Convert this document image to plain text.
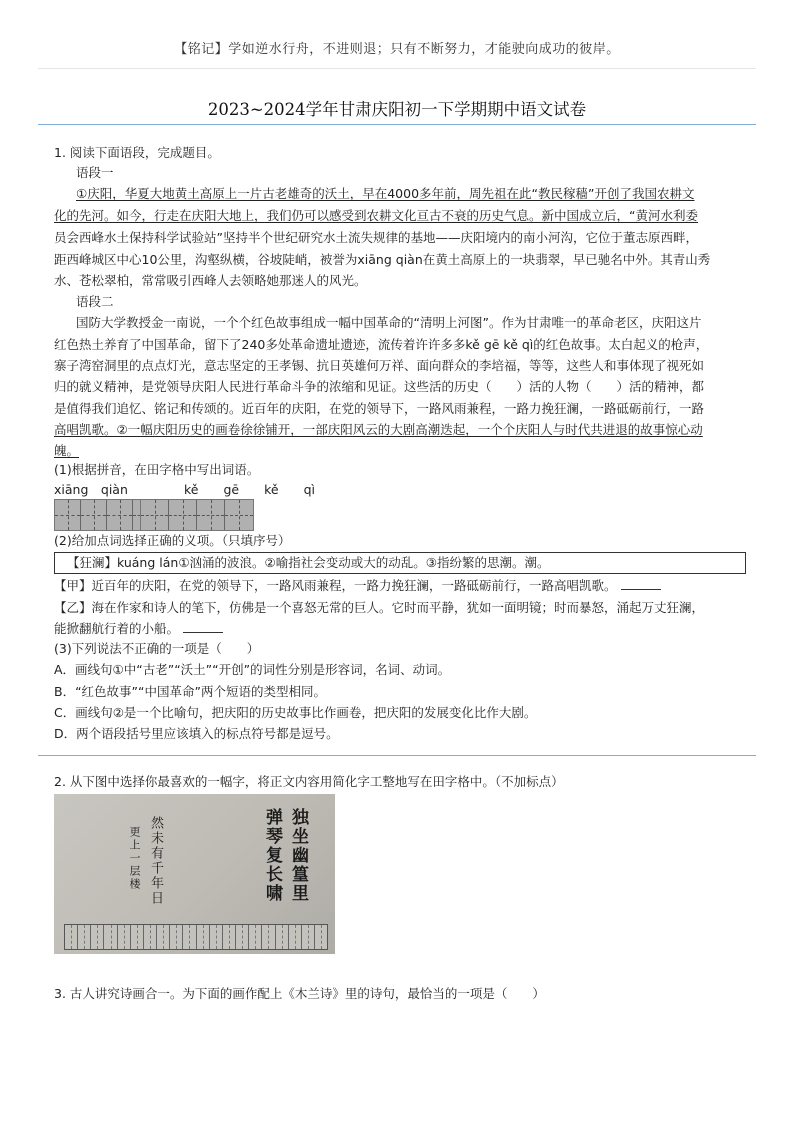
【铭记】学如逆水行舟，不进则退；只有不断努力，才能驶向成功的彼岸。
2023~2024学年甘肃庆阳初一下学期期中语文试卷
1. 阅读下面语段，完成题目。
语段一
①庆阳，华夏大地黄土高原上一片古老雄奇的沃土，早在4000多年前，周先祖在此“教民稼穑”开创了我国农耕文
化的先河。如今，行走在庆阳大地上，我们仍可以感受到农耕文化亘古不衰的历史气息。新中国成立后，“黄河水利委
员会西峰水土保持科学试验站”坚持半个世纪研究水土流失规律的基地——庆阳境内的南小河沟，它位于董志原西畔，
距西峰城区中心10公里，沟壑纵横，谷坡陡峭，被誉为xiāng qiàn在黄土高原上的一块翡翠，早已驰名中外。其青山秀
水、苍松翠柏，常常吸引西峰人去领略她那迷人的风光。
语段二
国防大学教授金一南说，一个个红色故事组成一幅中国革命的“清明上河图”。作为甘肃唯一的革命老区，庆阳这片
红色热土养育了中国革命，留下了240多处革命遗址遗迹，流传着许许多多kě gē kě qì的红色故事。太白起义的枪声，
寨子湾窑洞里的点点灯光，意志坚定的王孝锡、抗日英雄何万祥、面向群众的李培福，等等，这些人和事体现了视死如
归的就义精神，是党领导庆阳人民进行革命斗争的浓缩和见证。这些活的历史（　　）活的人物（　　）活的精神，都
是值得我们追忆、铭记和传颂的。近百年的庆阳，在党的领导下，一路风雨兼程，一路力挽狂澜，一路砥砺前行，一路
高唱凯歌。②一幅庆阳历史的画卷徐徐铺开，一部庆阳风云的大剧高潮迭起，一个个庆阳人与时代共进退的故事惊心动
魄。
(1)根据拼音，在田字格中写出词语。
xiāng　qiàn	kě　　gē　　kě　　qì
(2)给加点词选择正确的义项。（只填序号）
【狂澜】kuáng lán①汹涌的波浪。②喻指社会变动或大的动乱。③指纷繁的思潮。潮。
【甲】近百年的庆阳，在党的领导下，一路风雨兼程，一路力挽狂澜，一路砥砺前行，一路高唱凯歌。
【乙】海在作家和诗人的笔下，仿佛是一个喜怒无常的巨人。它时而平静，犹如一面明镜；时而暴怒，涌起万丈狂澜，
能掀翻航行着的小船。
(3)下列说法不正确的一项是（　　）
A．画线句①中“古老”“沃土”“开创”的词性分别是形容词，名词、动词。
B．“红色故事”“中国革命”两个短语的类型相同。
C．画线句②是一个比喻句，把庆阳的历史故事比作画卷，把庆阳的发展变化比作大剧。
D．两个语段括号里应该填入的标点符号都是逗号。
2. 从下图中选择你最喜欢的一幅字，将正文内容用简化字工整地写在田字格中。（不加标点）
然未有千年日
更上一层楼	独坐幽篁里
弹琴复长啸
3. 古人讲究诗画合一。为下面的画作配上《木兰诗》里的诗句，最恰当的一项是（　　）
